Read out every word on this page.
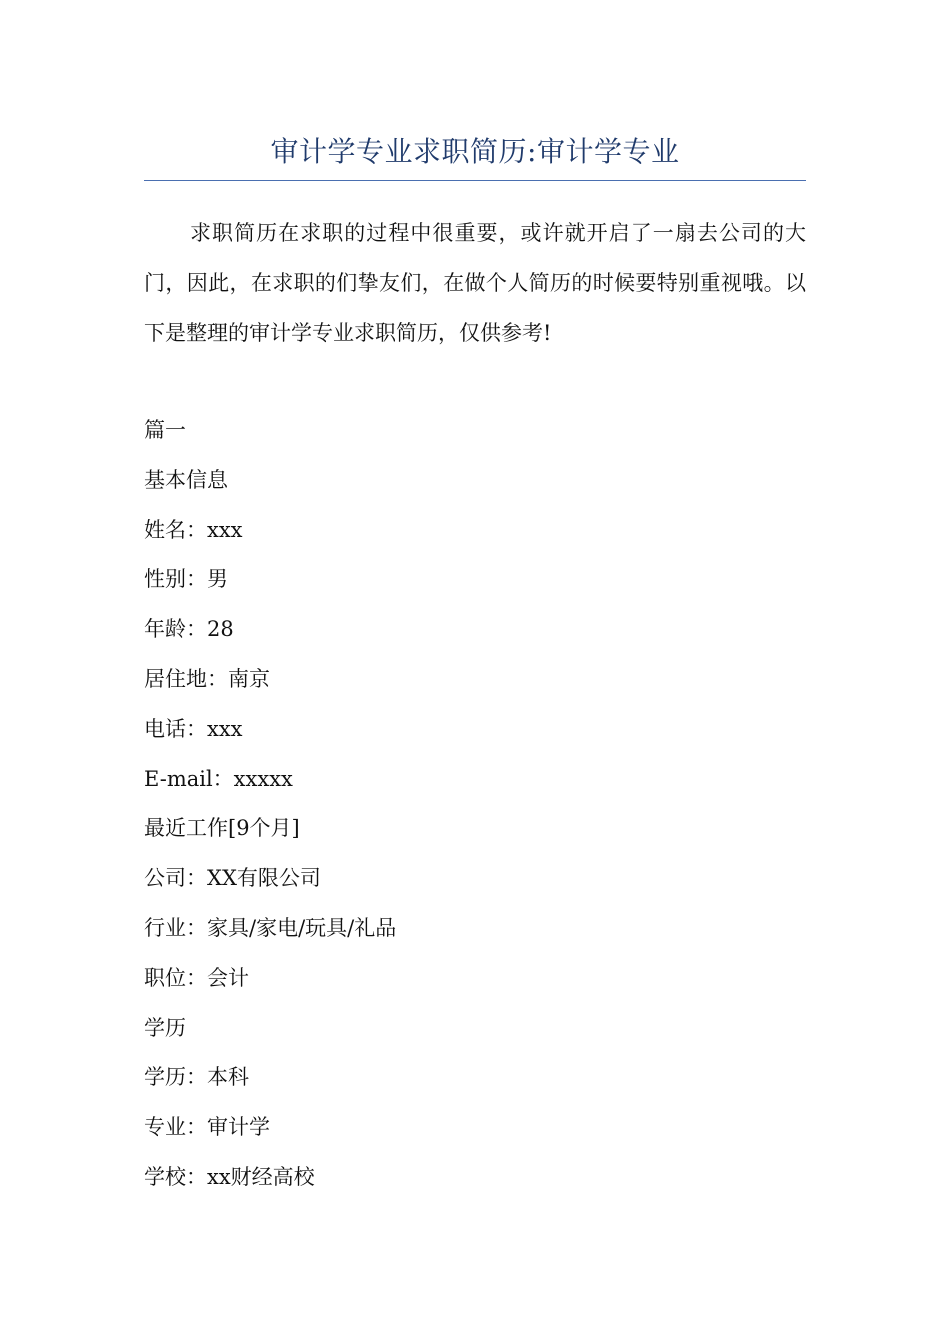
审计学专业求职简历:审计学专业

求职简历在求职的过程中很重要，或许就开启了一扇去公司的大门，因此，在求职的们挚友们，在做个人简历的时候要特别重视哦。以下是整理的审计学专业求职简历，仅供参考!

篇一
基本信息
姓名：xxx
性别：男
年龄：28
居住地：南京
电话：xxx
E-mail：xxxxx
最近工作[9个月]
公司：XX有限公司
行业：家具/家电/玩具/礼品
职位：会计
学历
学历：本科
专业：审计学
学校：xx财经高校
